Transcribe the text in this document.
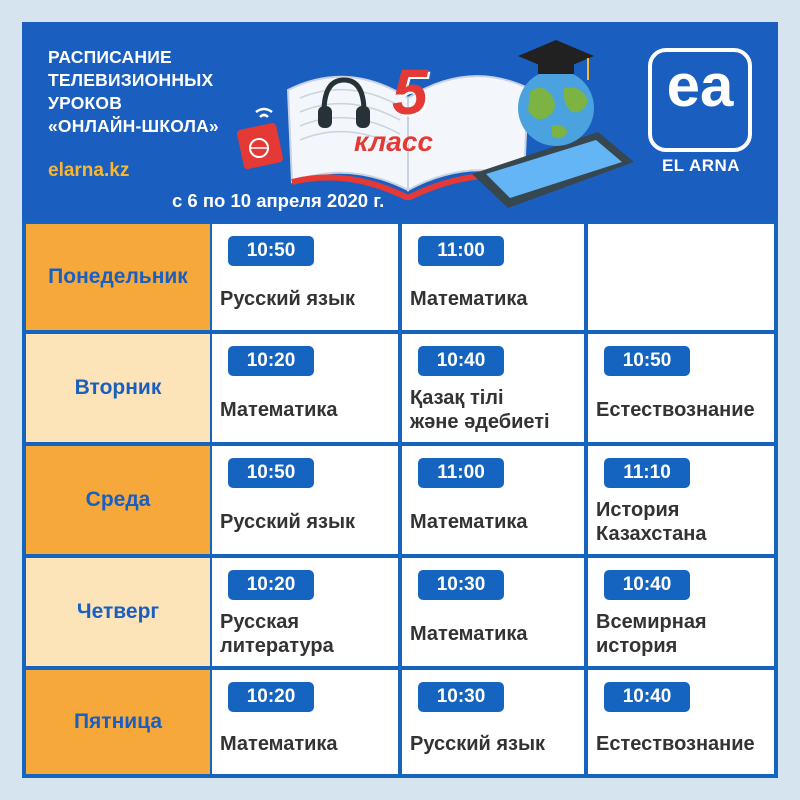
РАСПИСАНИЕ
ТЕЛЕВИЗИОННЫХ
УРОКОВ
«ОНЛАЙН-ШКОЛА»	5
класс
ea
EL ARNA
elarna.kz
с 6 по 10 апреля 2020 г.
Понедельник
10:50
Русский язык
11:00
Математика
Вторник
10:20
Математика
10:40
Қазақ тілі
және әдебиеті
10:50
Естествознание
Среда
10:50
Русский язык
11:00
Математика
11:10
История
Казахстана
Четверг
10:20
Русская
литература
10:30
Математика
10:40
Всемирная
история
Пятница
10:20
Математика
10:30
Русский язык
10:40
Естествознание
